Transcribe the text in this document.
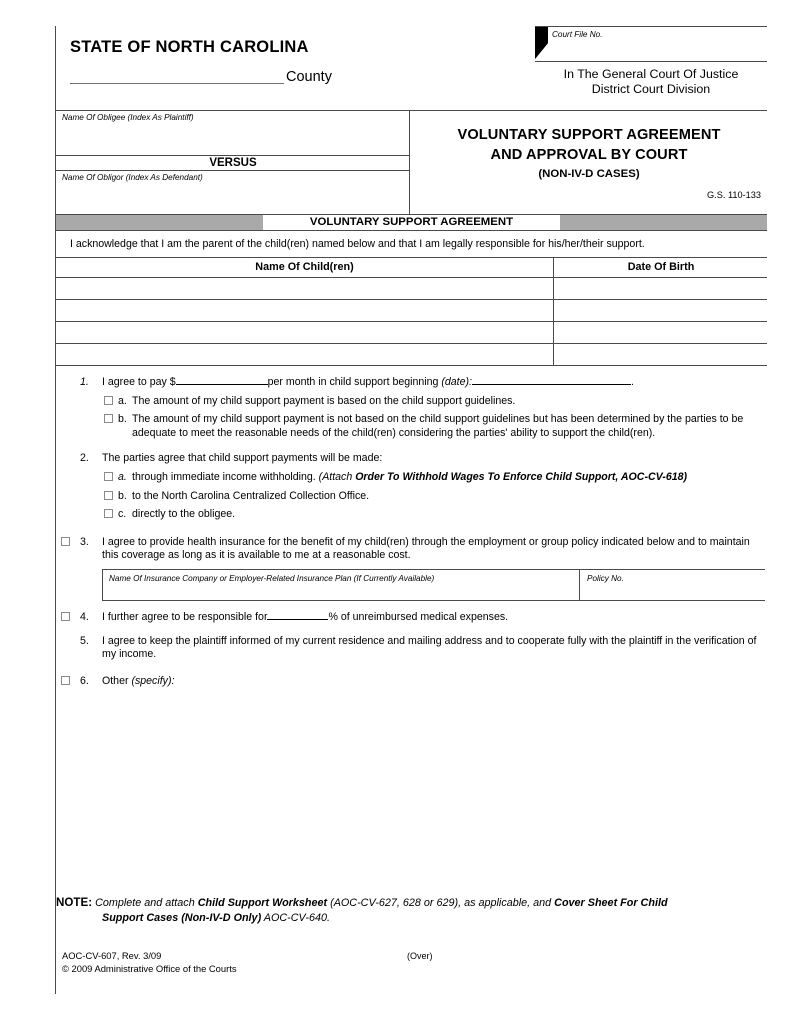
STATE OF NORTH CAROLINA
County
Court File No.
In The General Court Of Justice
District Court Division
Name Of Obligee (Index As Plaintiff)
VERSUS
Name Of Obligor (Index As Defendant)
VOLUNTARY SUPPORT AGREEMENT
AND APPROVAL BY COURT
(NON-IV-D CASES)
G.S. 110-133
VOLUNTARY SUPPORT AGREEMENT
I acknowledge that I am the parent of the child(ren) named below and that I am legally responsible for his/her/their support.
Name Of Child(ren)	Date Of Birth
1.	I agree to pay $	per month in child support beginning (date):	.
a. The amount of my child support payment is based on the child support guidelines.
b. The amount of my child support payment is not based on the child support guidelines but has been determined by the parties to be adequate to meet the reasonable needs of the child(ren) considering the parties' ability to support the child(ren).
2.	The parties agree that child support payments will be made:
a. through immediate income withholding. (Attach Order To Withhold Wages To Enforce Child Support, AOC-CV-618)
b. to the North Carolina Centralized Collection Office.
c. directly to the obligee.
3.	I agree to provide health insurance for the benefit of my child(ren) through the employment or group policy indicated below and to maintain this coverage as long as it is available to me at a reasonable cost.
Name Of Insurance Company or Employer-Related Insurance Plan (If Currently Available)	Policy No.
4.	I further agree to be responsible for	% of unreimbursed medical expenses.
5.	I agree to keep the plaintiff informed of my current residence and mailing address and to cooperate fully with the plaintiff in the verification of my income.
6.	Other (specify):
NOTE: Complete and attach Child Support Worksheet (AOC-CV-627, 628 or 629), as applicable, and Cover Sheet For Child
Support Cases (Non-IV-D Only) AOC-CV-640.
AOC-CV-607, Rev. 3/09
© 2009 Administrative Office of the Courts
(Over)
